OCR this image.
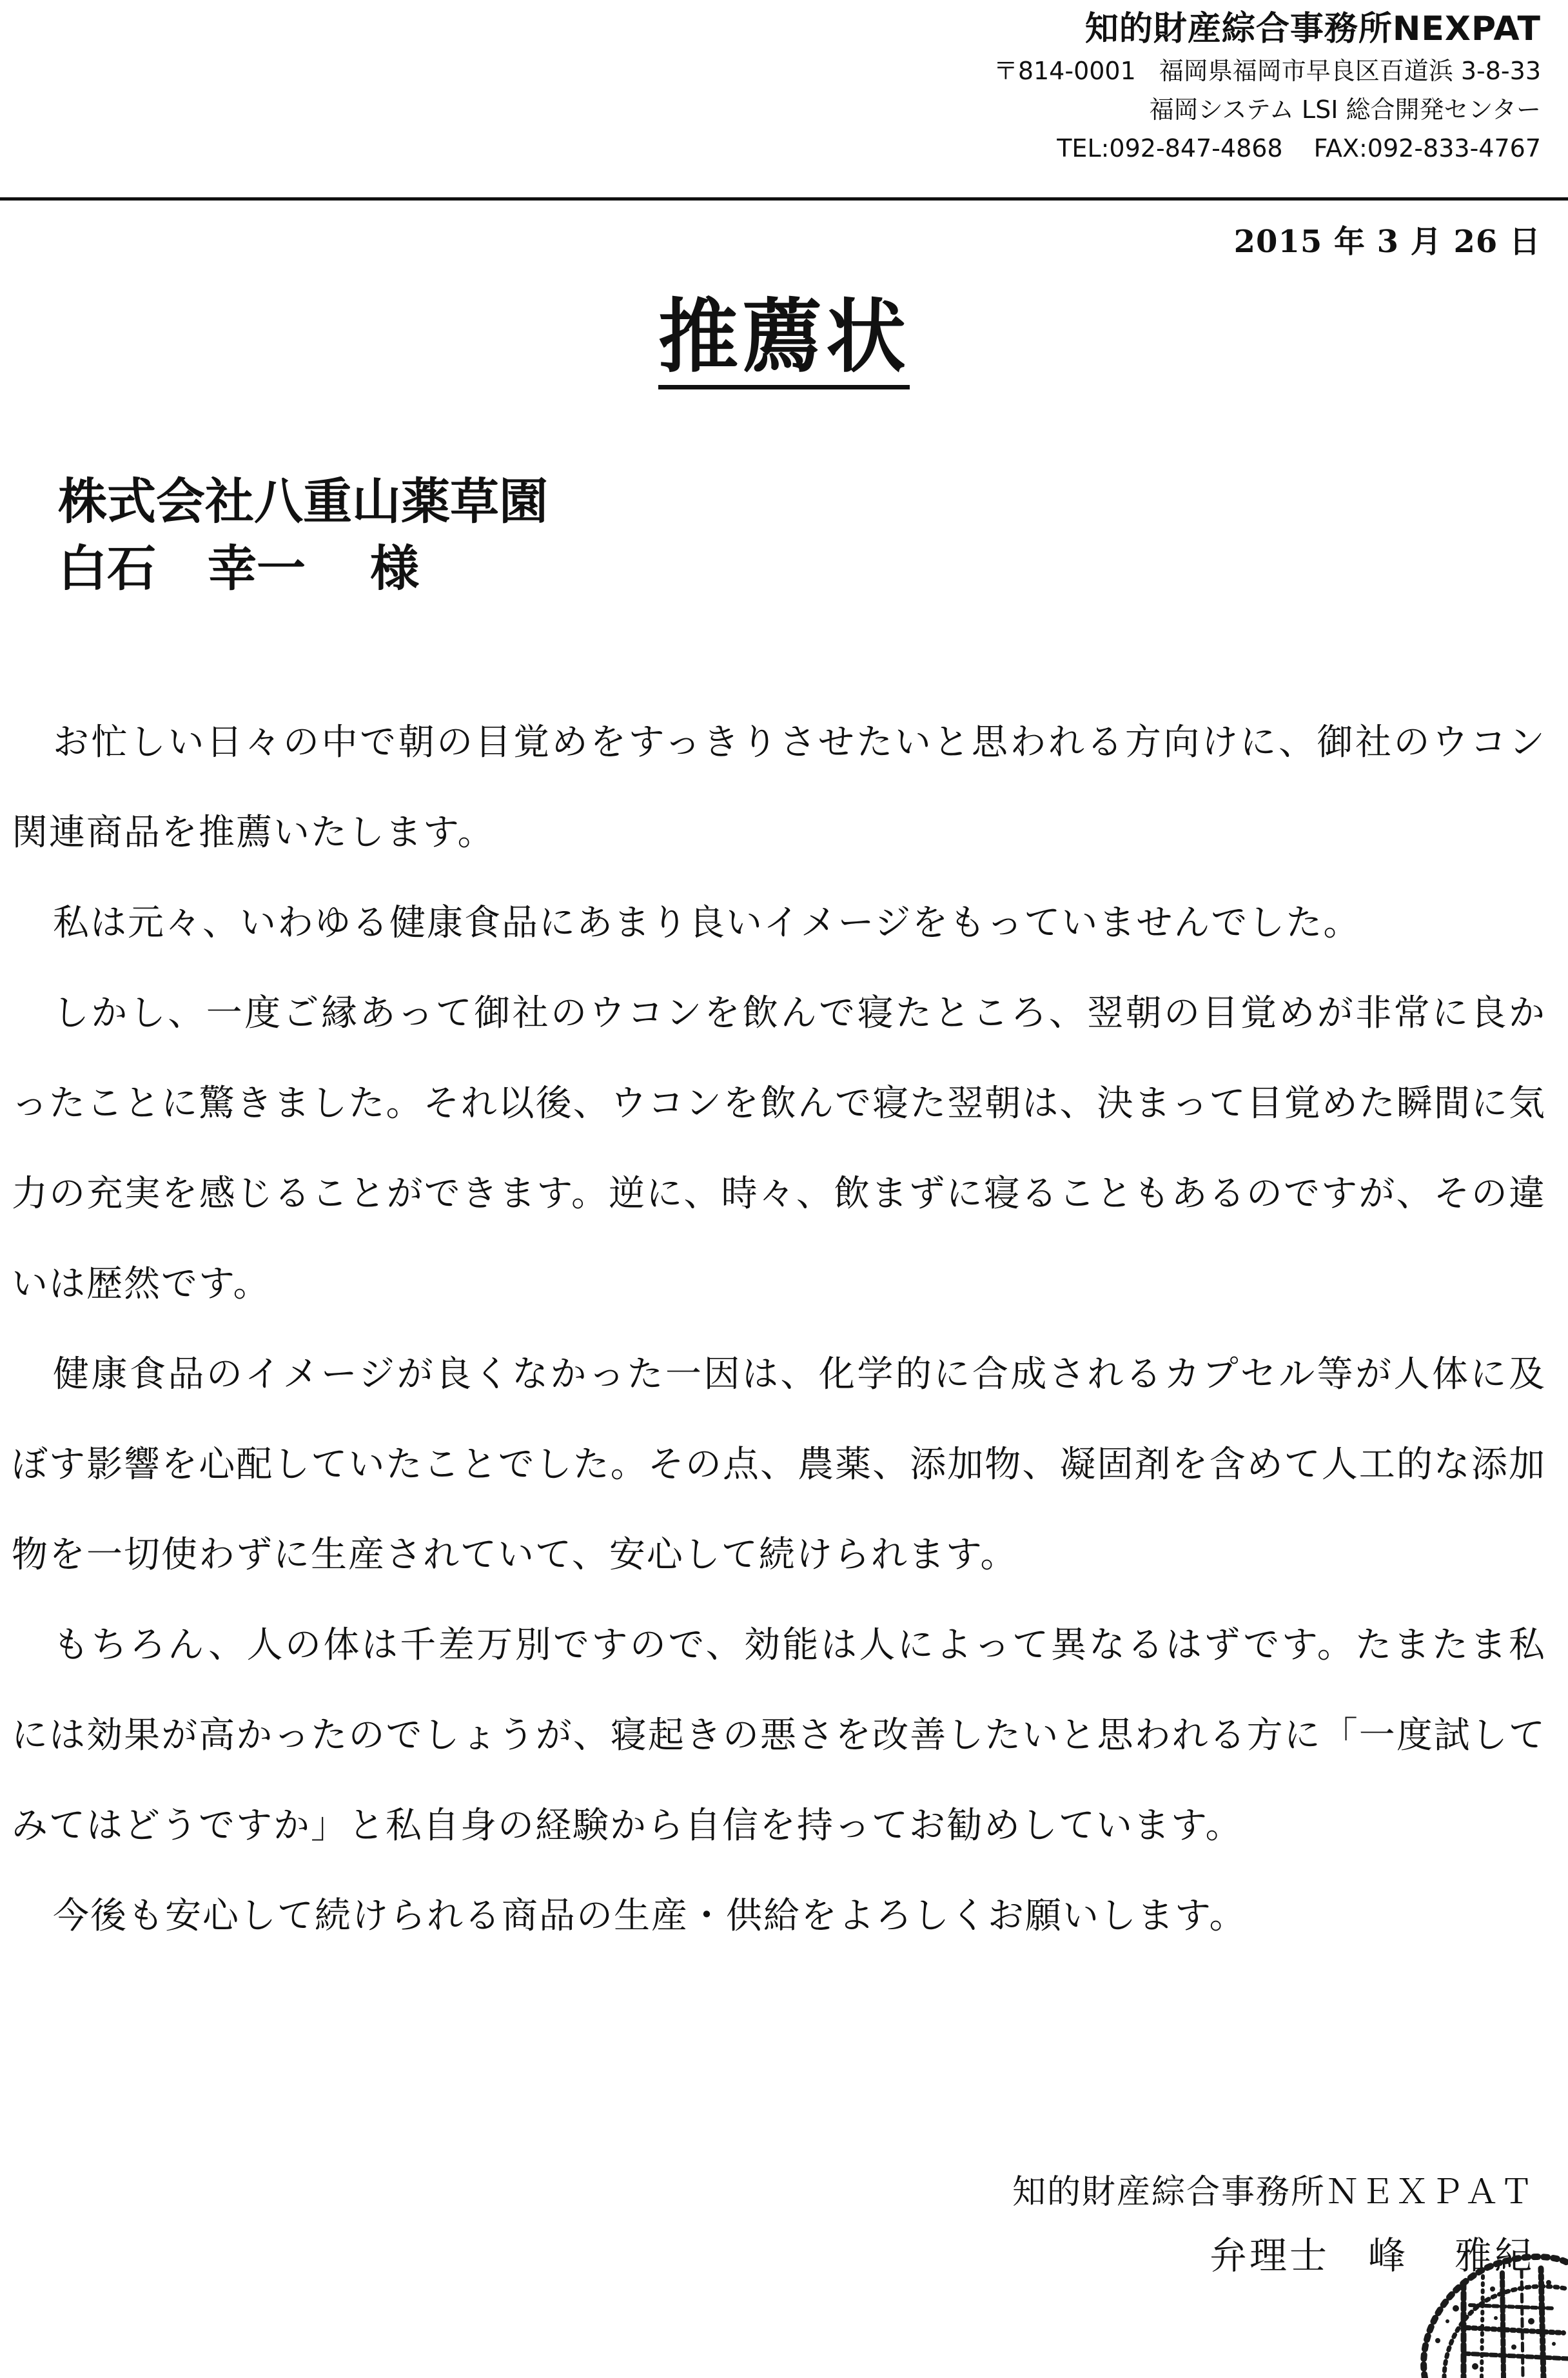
知的財産綜合事務所NEXPAT
〒814-0001 福岡県福岡市早良区百道浜 3-8-33
福岡システム LSI 総合開発センター
TEL:092-847-4868 FAX:092-833-4767
2015 年 3 月 26 日
推薦状
株式会社八重山薬草園
白石 幸一 様

お忙しい日々の中で朝の目覚めをすっきりさせたいと思われる方向けに、御社のウコン関連商品を推薦いたします。

私は元々、いわゆる健康食品にあまり良いイメージをもっていませんでした。

しかし、一度ご縁あって御社のウコンを飲んで寝たところ、翌朝の目覚めが非常に良かったことに驚きました。それ以後、ウコンを飲んで寝た翌朝は、決まって目覚めた瞬間に気力の充実を感じることができます。逆に、時々、飲まずに寝ることもあるのですが、その違いは歴然です。

健康食品のイメージが良くなかった一因は、化学的に合成されるカプセル等が人体に及ぼす影響を心配していたことでした。その点、農薬、添加物、凝固剤を含めて人工的な添加物を一切使わずに生産されていて、安心して続けられます。

もちろん、人の体は千差万別ですので、効能は人によって異なるはずです。たまたま私には効果が高かったのでしょうが、寝起きの悪さを改善したいと思われる方に「一度試してみてはどうですか」と私自身の経験から自信を持ってお勧めしています。

今後も安心して続けられる商品の生産・供給をよろしくお願いします。

知的財産綜合事務所ＮＥＸＰＡＴ
弁理士 峰 雅紀
